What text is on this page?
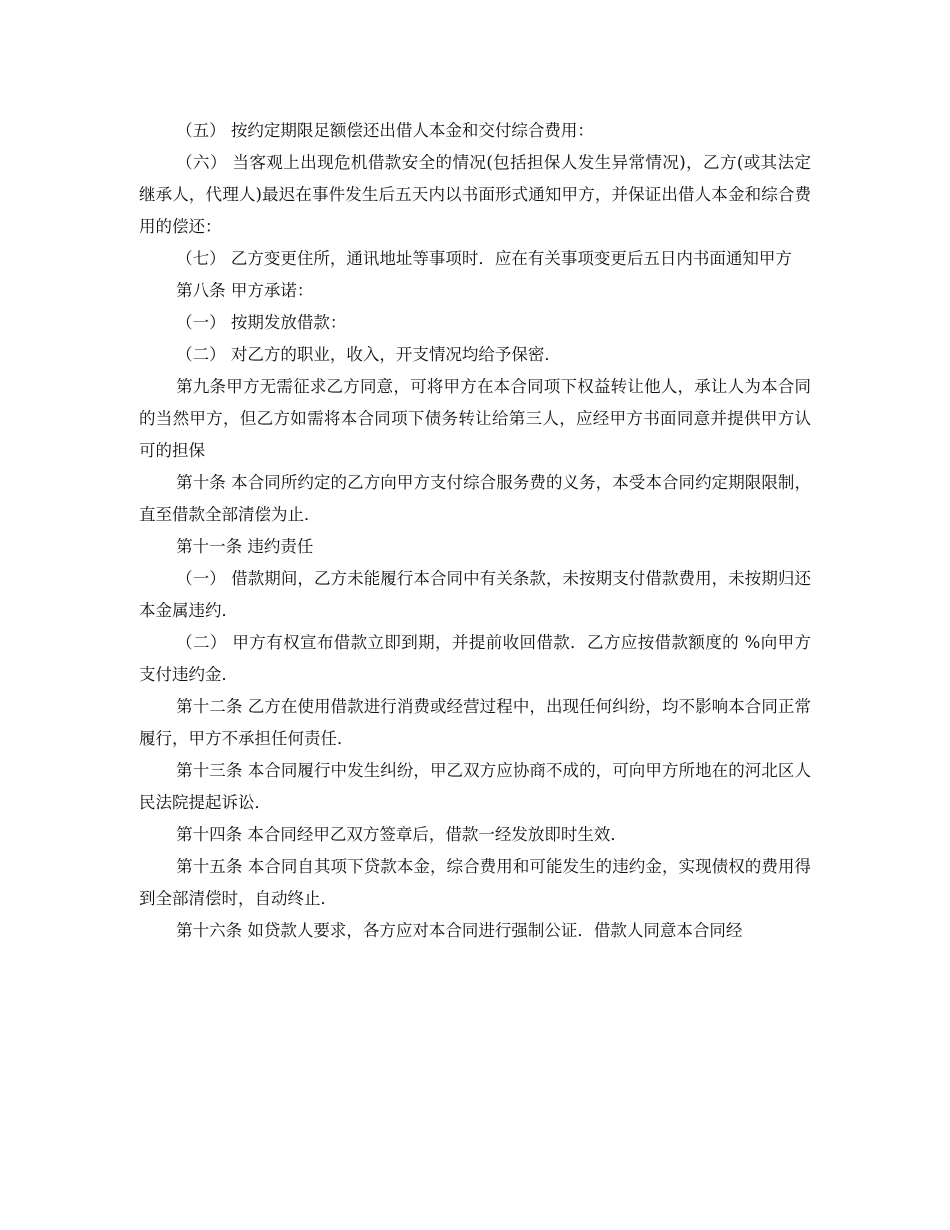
（五） 按约定期限足额偿还出借人本金和交付综合费用：

（六） 当客观上出现危机借款安全的情况(包括担保人发生异常情况)，乙方(或其法定继承人，代理人)最迟在事件发生后五天内以书面形式通知甲方，并保证出借人本金和综合费用的偿还：

（七） 乙方变更住所，通讯地址等事项时．应在有关事项变更后五日内书面通知甲方

第八条 甲方承诺：

（一） 按期发放借款：

（二） 对乙方的职业，收入，开支情况均给予保密．

第九条甲方无需征求乙方同意，可将甲方在本合同项下权益转让他人，承让人为本合同的当然甲方，但乙方如需将本合同项下债务转让给第三人，应经甲方书面同意并提供甲方认可的担保

第十条 本合同所约定的乙方向甲方支付综合服务费的义务，本受本合同约定期限限制，直至借款全部清偿为止．

第十一条 违约责任

（一） 借款期间，乙方未能履行本合同中有关条款，未按期支付借款费用，未按期归还本金属违约．

（二） 甲方有权宣布借款立即到期，并提前收回借款．乙方应按借款额度的 %向甲方支付违约金．

第十二条 乙方在使用借款进行消费或经营过程中，出现任何纠纷，均不影响本合同正常履行，甲方不承担任何责任．

第十三条 本合同履行中发生纠纷，甲乙双方应协商不成的，可向甲方所地在的河北区人民法院提起诉讼．

第十四条 本合同经甲乙双方签章后，借款一经发放即时生效．

第十五条 本合同自其项下贷款本金，综合费用和可能发生的违约金，实现债权的费用得到全部清偿时，自动终止．

第十六条 如贷款人要求，各方应对本合同进行强制公证．借款人同意本合同经
